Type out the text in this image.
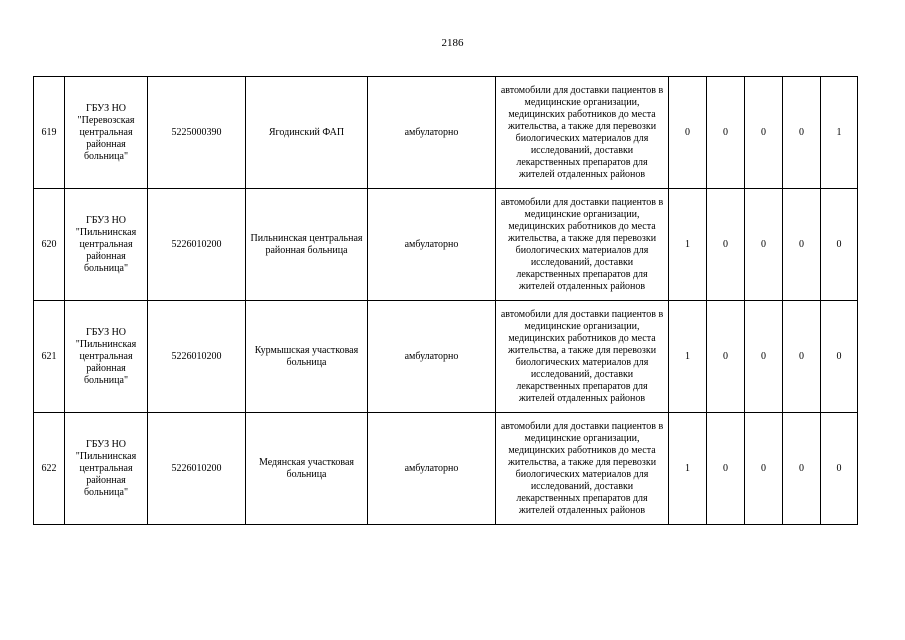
2186
619	ГБУЗ НО "Перевозская центральная районная больница"	5225000390	Ягодинский ФАП	амбулаторно	автомобили для доставки пациентов в медицинские организации, медицинских работников до места жительства, а также для перевозки биологических материалов для исследований, доставки лекарственных препаратов для жителей отдаленных районов	0	0	0	0	1
620	ГБУЗ НО "Пильнинская центральная районная больница"	5226010200	Пильнинская центральная районная больница	амбулаторно	автомобили для доставки пациентов в медицинские организации, медицинских работников до места жительства, а также для перевозки биологических материалов для исследований, доставки лекарственных препаратов для жителей отдаленных районов	1	0	0	0	0
621	ГБУЗ НО "Пильнинская центральная районная больница"	5226010200	Курмышская участковая больница	амбулаторно	автомобили для доставки пациентов в медицинские организации, медицинских работников до места жительства, а также для перевозки биологических материалов для исследований, доставки лекарственных препаратов для жителей отдаленных районов	1	0	0	0	0
622	ГБУЗ НО "Пильнинская центральная районная больница"	5226010200	Медянская участковая больница	амбулаторно	автомобили для доставки пациентов в медицинские организации, медицинских работников до места жительства, а также для перевозки биологических материалов для исследований, доставки лекарственных препаратов для жителей отдаленных районов	1	0	0	0	0
